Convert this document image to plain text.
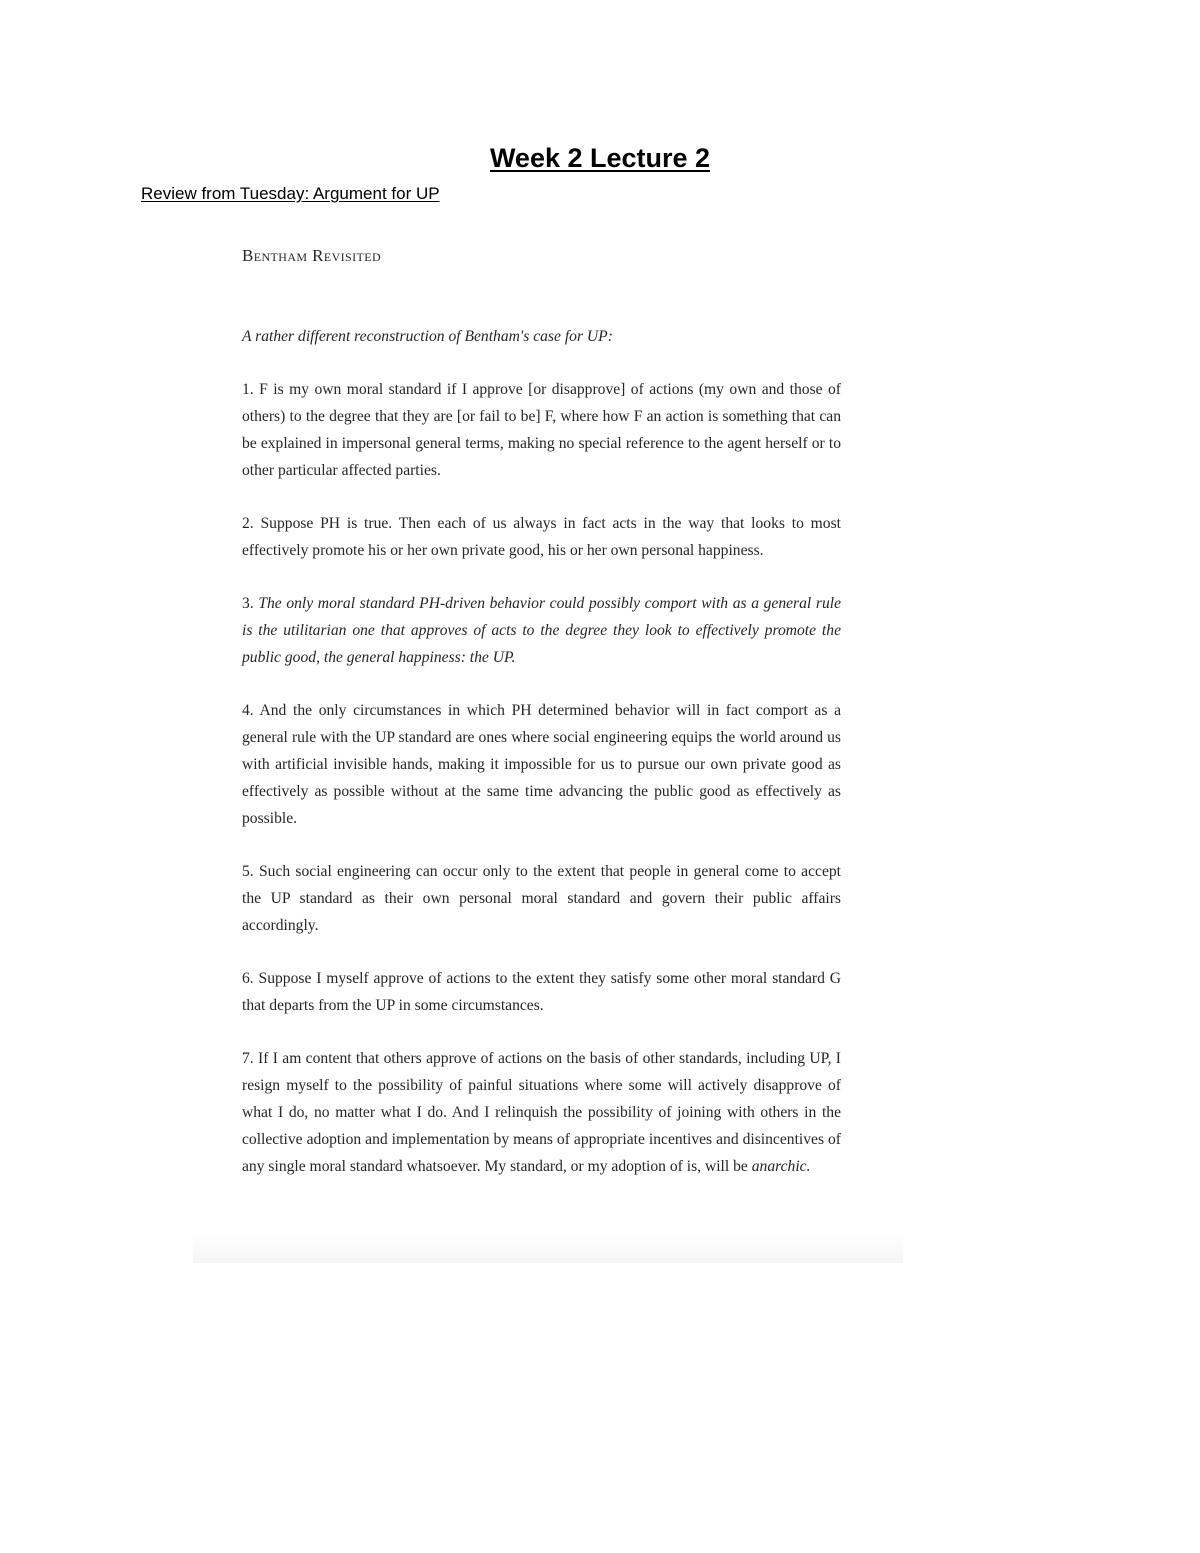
Week 2 Lecture 2

Review from Tuesday: Argument for UP

Bentham Revisited

A rather different reconstruction of Bentham's case for UP:

1. F is my own moral standard if I approve [or disapprove] of actions (my own and those of others) to the degree that they are [or fail to be] F, where how F an action is something that can be explained in impersonal general terms, making no special reference to the agent herself or to other particular affected parties.

2. Suppose PH is true. Then each of us always in fact acts in the way that looks to most effectively promote his or her own private good, his or her own personal happiness.

3. The only moral standard PH-driven behavior could possibly comport with as a general rule is the utilitarian one that approves of acts to the degree they look to effectively promote the public good, the general happiness: the UP.

4. And the only circumstances in which PH determined behavior will in fact comport as a general rule with the UP standard are ones where social engineering equips the world around us with artificial invisible hands, making it impossible for us to pursue our own private good as effectively as possible without at the same time advancing the public good as effectively as possible.

5. Such social engineering can occur only to the extent that people in general come to accept the UP standard as their own personal moral standard and govern their public affairs accordingly.

6. Suppose I myself approve of actions to the extent they satisfy some other moral standard G that departs from the UP in some circumstances.

7. If I am content that others approve of actions on the basis of other standards, including UP, I resign myself to the possibility of painful situations where some will actively disapprove of what I do, no matter what I do. And I relinquish the possibility of joining with others in the collective adoption and implementation by means of appropriate incentives and disincentives of any single moral standard whatsoever. My standard, or my adoption of is, will be anarchic.
